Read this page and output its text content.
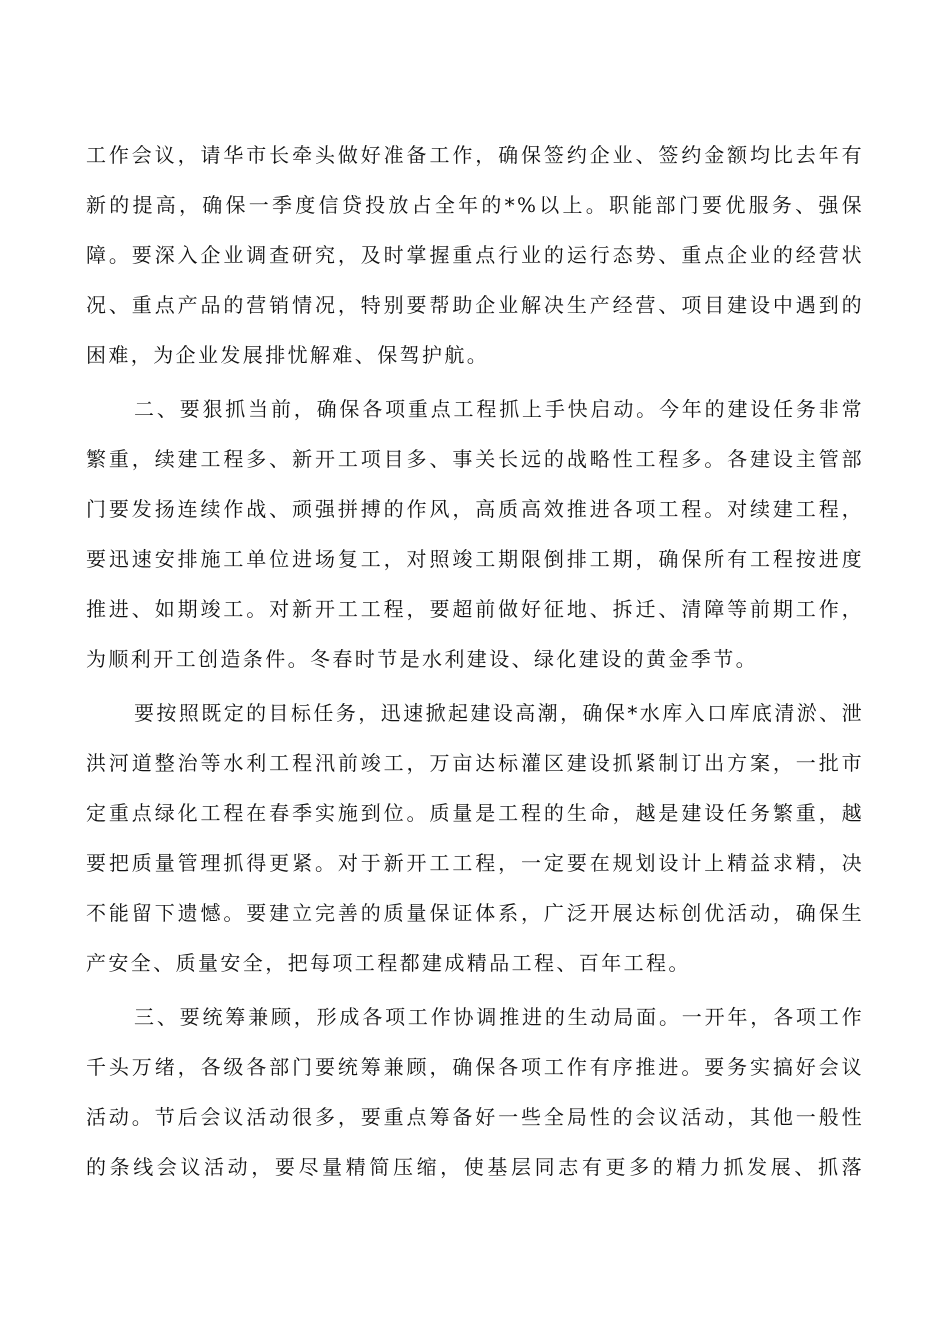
工作会议，请华市长牵头做好准备工作，确保签约企业、签约金额均比去年有
新的提高，确保一季度信贷投放占全年的*%以上。职能部门要优服务、强保
障。要深入企业调查研究，及时掌握重点行业的运行态势、重点企业的经营状
况、重点产品的营销情况，特别要帮助企业解决生产经营、项目建设中遇到的
困难，为企业发展排忧解难、保驾护航。
二、要狠抓当前，确保各项重点工程抓上手快启动。今年的建设任务非常
繁重，续建工程多、新开工项目多、事关长远的战略性工程多。各建设主管部
门要发扬连续作战、顽强拼搏的作风，高质高效推进各项工程。对续建工程，
要迅速安排施工单位进场复工，对照竣工期限倒排工期，确保所有工程按进度
推进、如期竣工。对新开工工程，要超前做好征地、拆迁、清障等前期工作，
为顺利开工创造条件。冬春时节是水利建设、绿化建设的黄金季节。
要按照既定的目标任务，迅速掀起建设高潮，确保*水库入口库底清淤、泄
洪河道整治等水利工程汛前竣工，万亩达标灌区建设抓紧制订出方案，一批市
定重点绿化工程在春季实施到位。质量是工程的生命，越是建设任务繁重，越
要把质量管理抓得更紧。对于新开工工程，一定要在规划设计上精益求精，决
不能留下遗憾。要建立完善的质量保证体系，广泛开展达标创优活动，确保生
产安全、质量安全，把每项工程都建成精品工程、百年工程。
三、要统筹兼顾，形成各项工作协调推进的生动局面。一开年，各项工作
千头万绪，各级各部门要统筹兼顾，确保各项工作有序推进。要务实搞好会议
活动。节后会议活动很多，要重点筹备好一些全局性的会议活动，其他一般性
的条线会议活动，要尽量精简压缩，使基层同志有更多的精力抓发展、抓落
